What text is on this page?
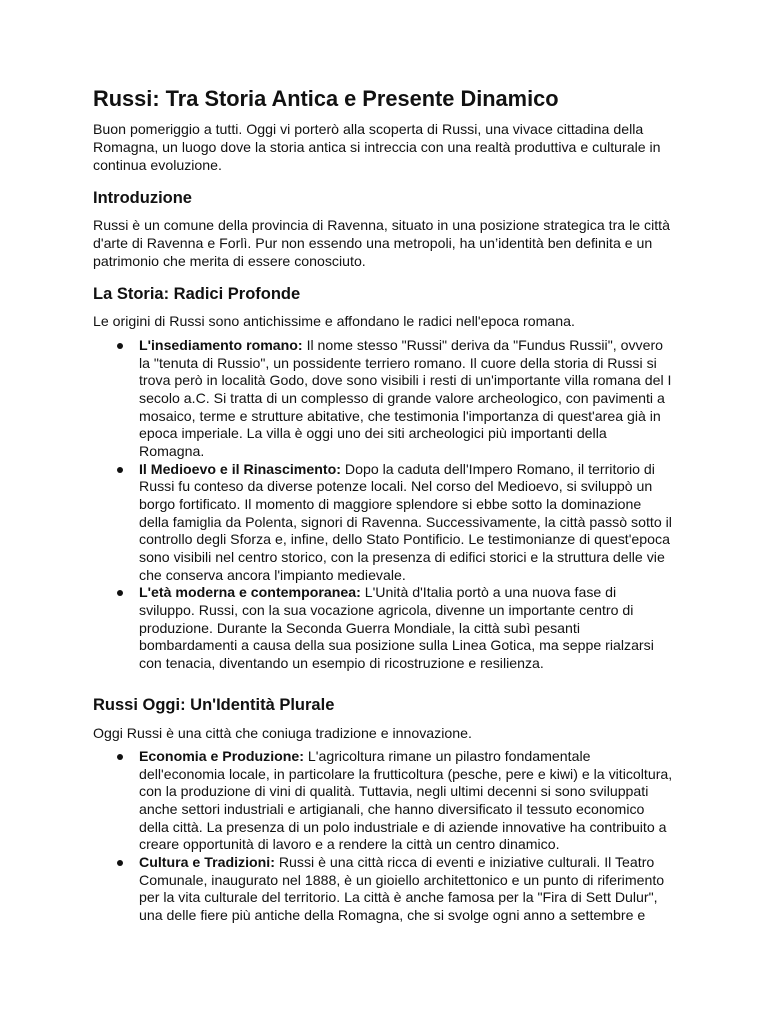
Russi: Tra Storia Antica e Presente Dinamico
Buon pomeriggio a tutti. Oggi vi porterò alla scoperta di Russi, una vivace cittadina della
Romagna, un luogo dove la storia antica si intreccia con una realtà produttiva e culturale in
continua evoluzione.
Introduzione
Russi è un comune della provincia di Ravenna, situato in una posizione strategica tra le città
d'arte di Ravenna e Forlì. Pur non essendo una metropoli, ha un’identità ben definita e un
patrimonio che merita di essere conosciuto.
La Storia: Radici Profonde
Le origini di Russi sono antichissime e affondano le radici nell'epoca romana.
L'insediamento romano: Il nome stesso "Russi" deriva da "Fundus Russii", ovvero
la "tenuta di Russio", un possidente terriero romano. Il cuore della storia di Russi si
trova però in località Godo, dove sono visibili i resti di un'importante villa romana del I
secolo a.C. Si tratta di un complesso di grande valore archeologico, con pavimenti a
mosaico, terme e strutture abitative, che testimonia l'importanza di quest'area già in
epoca imperiale. La villa è oggi uno dei siti archeologici più importanti della
Romagna.
Il Medioevo e il Rinascimento: Dopo la caduta dell'Impero Romano, il territorio di
Russi fu conteso da diverse potenze locali. Nel corso del Medioevo, si sviluppò un
borgo fortificato. Il momento di maggiore splendore si ebbe sotto la dominazione
della famiglia da Polenta, signori di Ravenna. Successivamente, la città passò sotto il
controllo degli Sforza e, infine, dello Stato Pontificio. Le testimonianze di quest'epoca
sono visibili nel centro storico, con la presenza di edifici storici e la struttura delle vie
che conserva ancora l'impianto medievale.
L'età moderna e contemporanea: L'Unità d'Italia portò a una nuova fase di
sviluppo. Russi, con la sua vocazione agricola, divenne un importante centro di
produzione. Durante la Seconda Guerra Mondiale, la città subì pesanti
bombardamenti a causa della sua posizione sulla Linea Gotica, ma seppe rialzarsi
con tenacia, diventando un esempio di ricostruzione e resilienza.
Russi Oggi: Un'Identità Plurale
Oggi Russi è una città che coniuga tradizione e innovazione.
Economia e Produzione: L'agricoltura rimane un pilastro fondamentale
dell'economia locale, in particolare la frutticoltura (pesche, pere e kiwi) e la viticoltura,
con la produzione di vini di qualità. Tuttavia, negli ultimi decenni si sono sviluppati
anche settori industriali e artigianali, che hanno diversificato il tessuto economico
della città. La presenza di un polo industriale e di aziende innovative ha contribuito a
creare opportunità di lavoro e a rendere la città un centro dinamico.
Cultura e Tradizioni: Russi è una città ricca di eventi e iniziative culturali. Il Teatro
Comunale, inaugurato nel 1888, è un gioiello architettonico e un punto di riferimento
per la vita culturale del territorio. La città è anche famosa per la "Fira di Sett Dulur",
una delle fiere più antiche della Romagna, che si svolge ogni anno a settembre e
